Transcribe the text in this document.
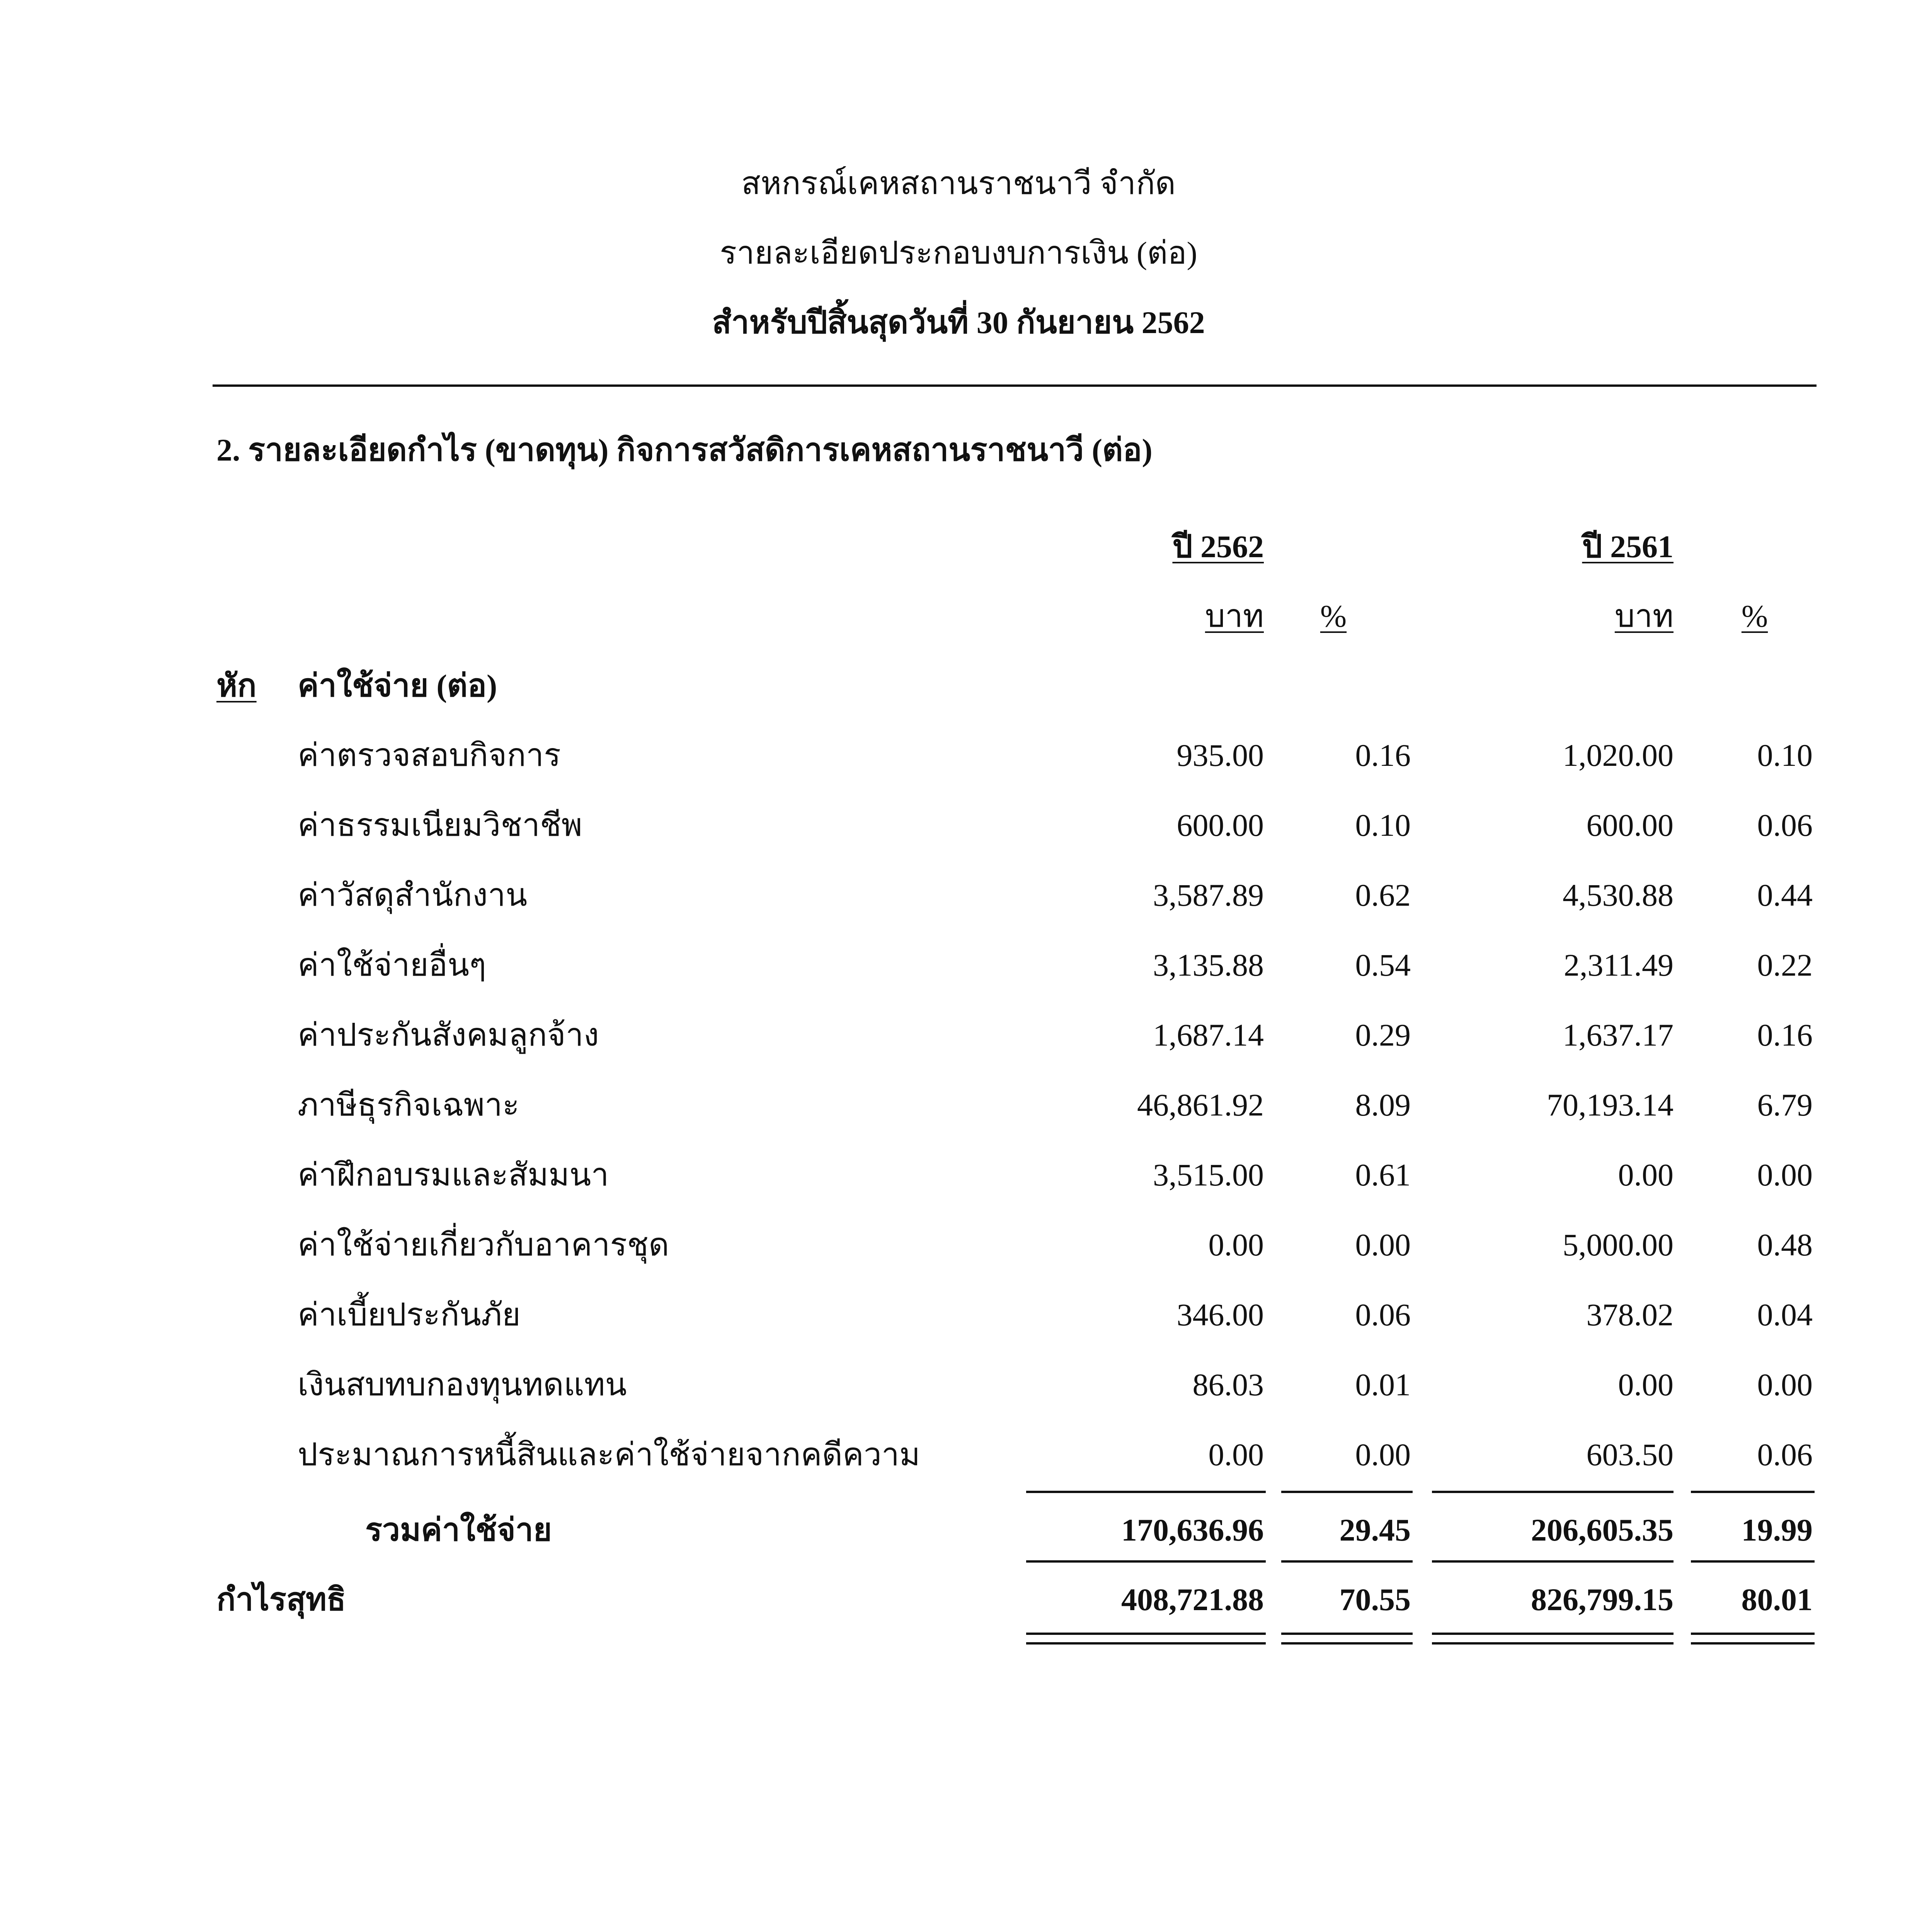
สหกรณ์เคหสถานราชนาวี จำกัด
รายละเอียดประกอบงบการเงิน (ต่อ)
สำหรับปีสิ้นสุดวันที่ 30 กันยายน 2562
2. รายละเอียดกำไร (ขาดทุน) กิจการสวัสดิการเคหสถานราชนาวี (ต่อ)
ปี 2562	ปี 2561
บาท	%	บาท	%
หัก ค่าใช้จ่าย (ต่อ)
ค่าตรวจสอบกิจการ	935.00	0.16	1,020.00	0.10
ค่าธรรมเนียมวิชาชีพ	600.00	0.10	600.00	0.06
ค่าวัสดุสำนักงาน	3,587.89	0.62	4,530.88	0.44
ค่าใช้จ่ายอื่นๆ	3,135.88	0.54	2,311.49	0.22
ค่าประกันสังคมลูกจ้าง	1,687.14	0.29	1,637.17	0.16
ภาษีธุรกิจเฉพาะ	46,861.92	8.09	70,193.14	6.79
ค่าฝึกอบรมและสัมมนา	3,515.00	0.61	0.00	0.00
ค่าใช้จ่ายเกี่ยวกับอาคารชุด	0.00	0.00	5,000.00	0.48
ค่าเบี้ยประกันภัย	346.00	0.06	378.02	0.04
เงินสบทบกองทุนทดแทน	86.03	0.01	0.00	0.00
ประมาณการหนี้สินและค่าใช้จ่ายจากคดีความ	0.00	0.00	603.50	0.06
รวมค่าใช้จ่าย	170,636.96	29.45	206,605.35	19.99
กำไรสุทธิ	408,721.88	70.55	826,799.15	80.01
